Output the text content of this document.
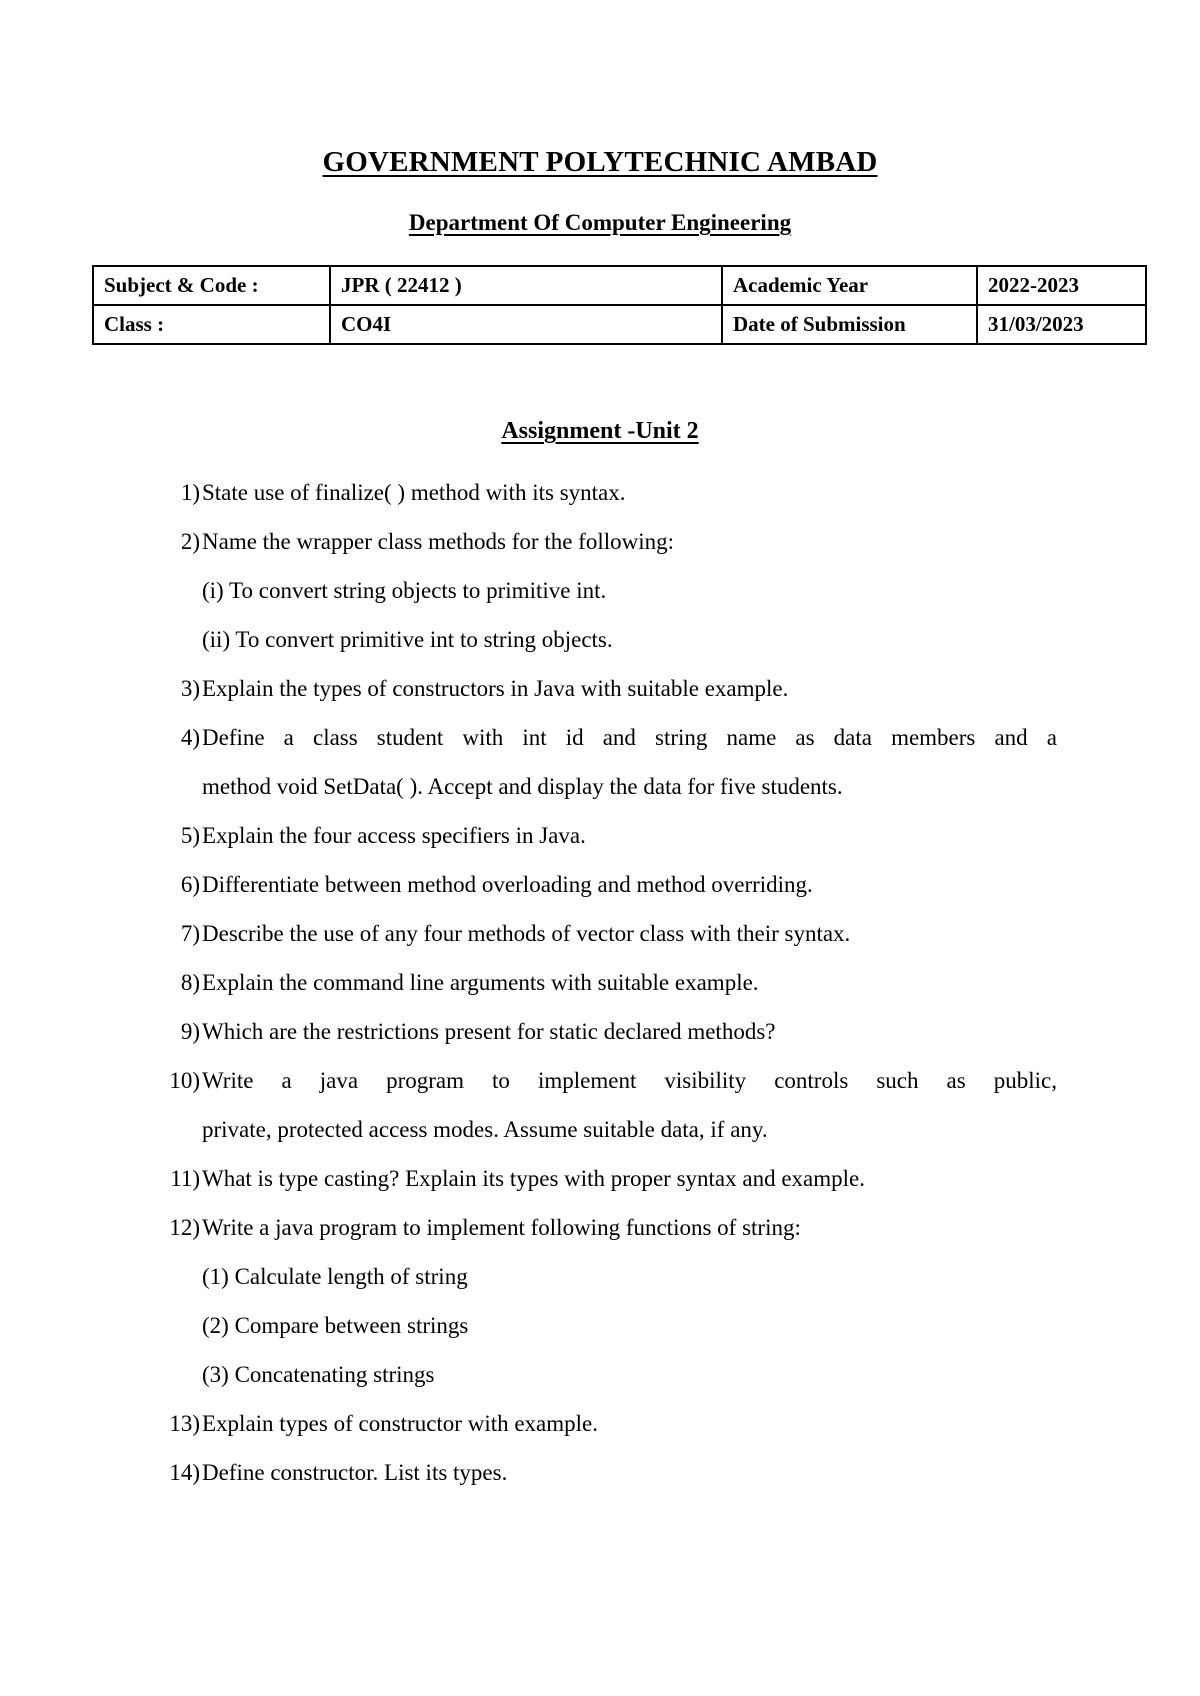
GOVERNMENT POLYTECHNIC AMBAD
Department Of Computer Engineering
Subject & Code :	JPR ( 22412 )	Academic Year	2022-2023
Class :	CO4I	Date of Submission	31/03/2023
Assignment -Unit 2
1) State use of finalize( ) method with its syntax.
2) Name the wrapper class methods for the following:
(i) To convert string objects to primitive int.
(ii) To convert primitive int to string objects.
3) Explain the types of constructors in Java with suitable example.
4) Define a class student with int id and string name as data members and a
method void SetData( ). Accept and display the data for five students.
5) Explain the four access specifiers in Java.
6) Differentiate between method overloading and method overriding.
7) Describe the use of any four methods of vector class with their syntax.
8) Explain the command line arguments with suitable example.
9) Which are the restrictions present for static declared methods?
10) Write a java program to implement visibility controls such as public,
private, protected access modes. Assume suitable data, if any.
11) What is type casting? Explain its types with proper syntax and example.
12) Write a java program to implement following functions of string:
(1) Calculate length of string
(2) Compare between strings
(3) Concatenating strings
13) Explain types of constructor with example.
14) Define constructor. List its types.
